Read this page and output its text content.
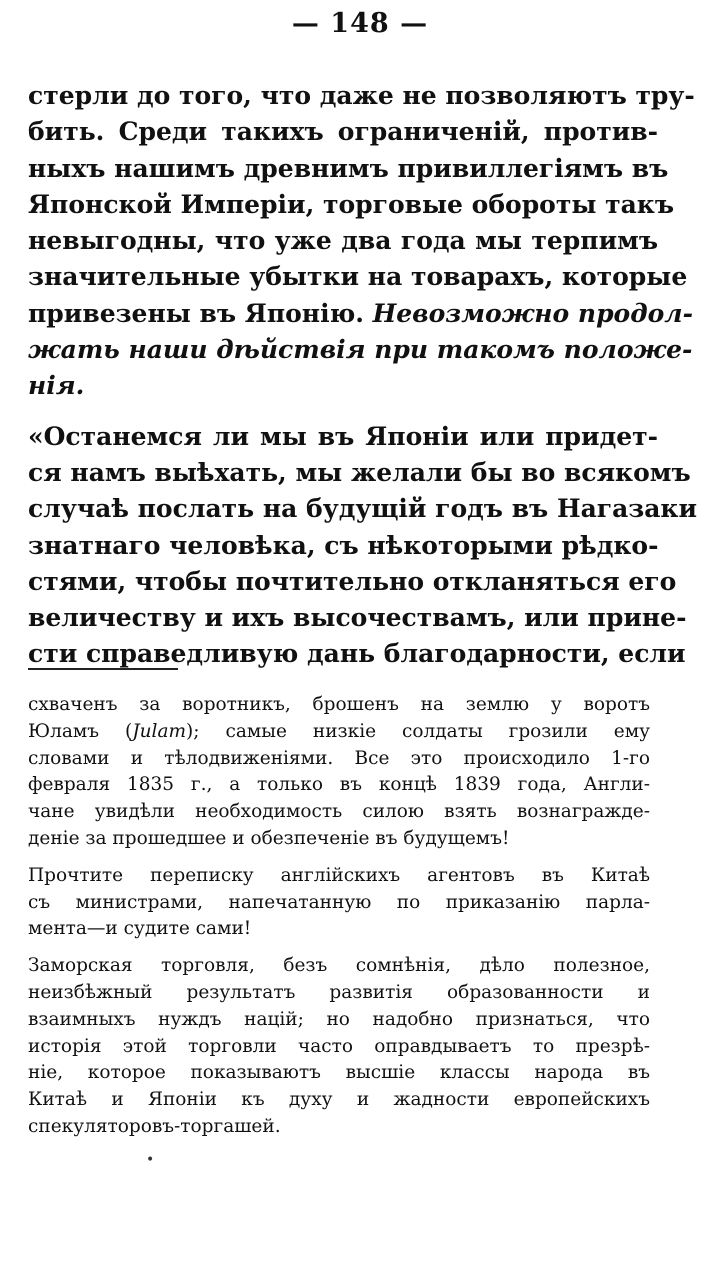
— 148 —
стерли до того, что даже не позволяютъ тру-
бить. Среди такихъ ограниченій, против-
ныхъ нашимъ древнимъ привиллегіямъ въ
Японской Имперіи, торговые обороты такъ
невыгодны, что уже два года мы терпимъ
значительные убытки на товарахъ, которые
привезены въ Японію. Невозможно продол-
жать наши дѣйствія при такомъ положе-
нія.
«Останемся ли мы въ Японіи или придет-
ся намъ выѣхать, мы желали бы во всякомъ
случаѣ послать на будущій годъ въ Нагазаки
знатнаго человѣка, съ нѣкоторыми рѣдко-
стями, чтобы почтительно откланяться его
величеству и ихъ высочествамъ, или прине-
сти справедливую дань благодарности, если
схваченъ за воротникъ, брошенъ на землю у воротъ
Юламъ (Julam); самые низкіе солдаты грозили ему
словами и тѣлодвиженіями. Все это происходило 1-го
февраля 1835 г., а только въ концѣ 1839 года, Англи-
чане увидѣли необходимость силою взять вознагражде-
деніе за прошедшее и обезпеченіе въ будущемъ!
Прочтите переписку англійскихъ агентовъ въ Китаѣ
съ министрами, напечатанную по приказанію парла-
мента—и судите сами!
Заморская торговля, безъ сомнѣнія, дѣло полезное,
неизбѣжный результатъ развитія образованности и
взаимныхъ нуждъ націй; но надобно признаться, что
исторія этой торговли часто оправдываетъ то презрѣ-
ніе, которое показываютъ высшіе классы народа въ
Китаѣ и Японіи къ духу и жадности европейскихъ
спекуляторовъ-торгашей.
•
